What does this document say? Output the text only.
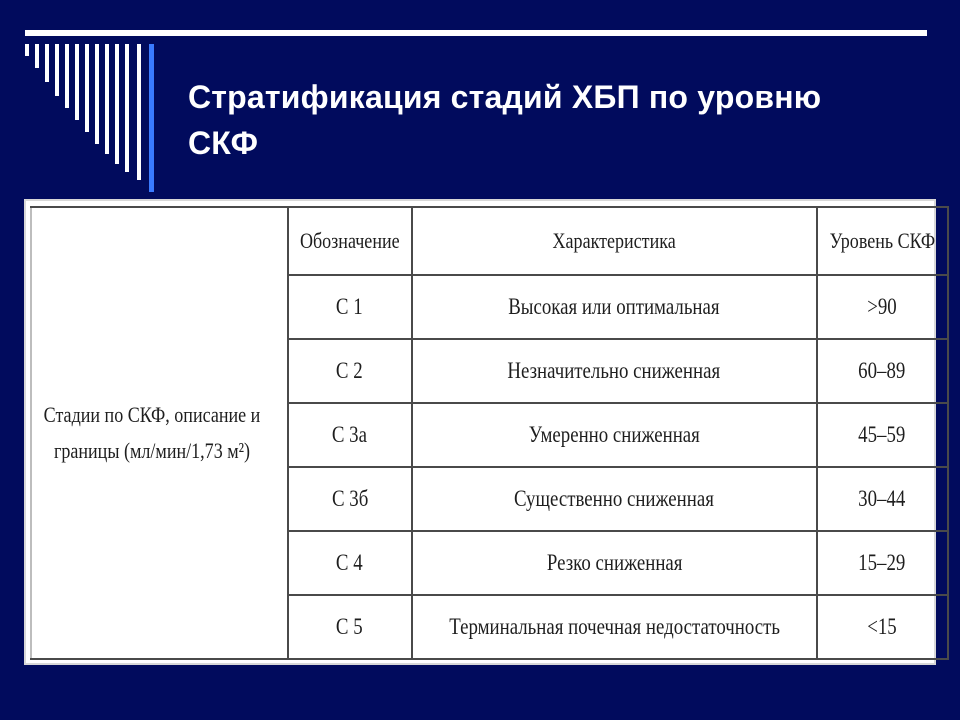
Стратификация стадий ХБП по уровню СКФ
Стадии по СКФ, описание и границы (мл/мин/1,73 м²)	Обозначение	Характеристика	Уровень СКФ
	С 1	Высокая или оптимальная	>90
	С 2	Незначительно сниженная	60–89
	С 3а	Умеренно сниженная	45–59
	С 3б	Существенно сниженная	30–44
	С 4	Резко сниженная	15–29
	С 5	Терминальная почечная недостаточность	<15
